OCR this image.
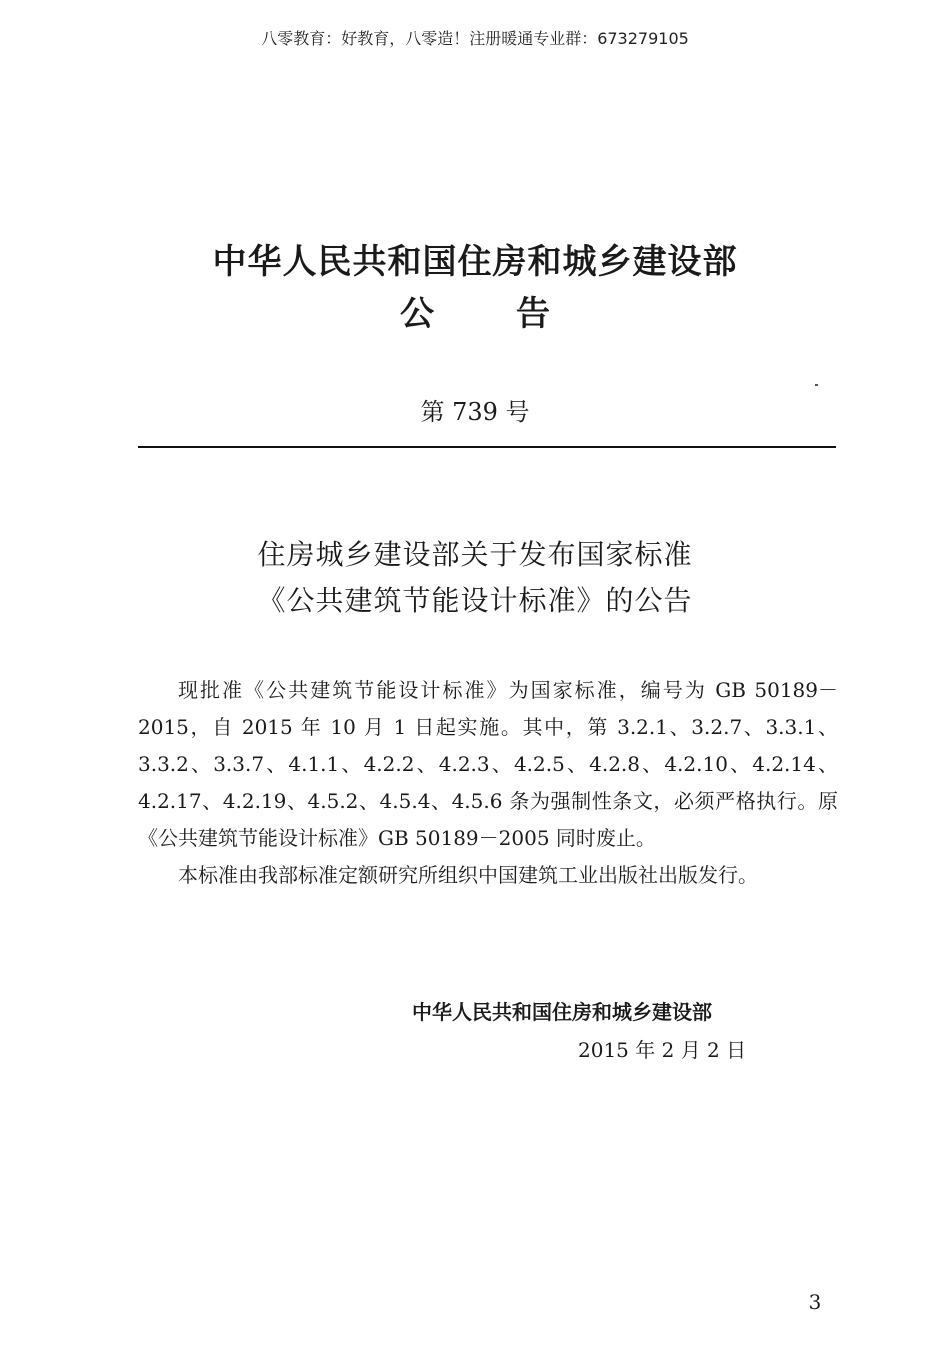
八零教育：好教育，八零造！注册暖通专业群：673279105
中华人民共和国住房和城乡建设部
公 告
第 739 号
住房城乡建设部关于发布国家标准
《公共建筑节能设计标准》的公告

现批准《公共建筑节能设计标准》为国家标准，编号为 GB 50189－2015，自 2015 年 10 月 1 日起实施。其中，第 3.2.1、3.2.7、3.3.1、3.3.2、3.3.7、4.1.1、4.2.2、4.2.3、4.2.5、4.2.8、4.2.10、4.2.14、4.2.17、4.2.19、4.5.2、4.5.4、4.5.6 条为强制性条文，必须严格执行。原《公共建筑节能设计标准》GB 50189－2005 同时废止。

本标准由我部标准定额研究所组织中国建筑工业出版社出版发行。

中华人民共和国住房和城乡建设部
2015 年 2 月 2 日
3
